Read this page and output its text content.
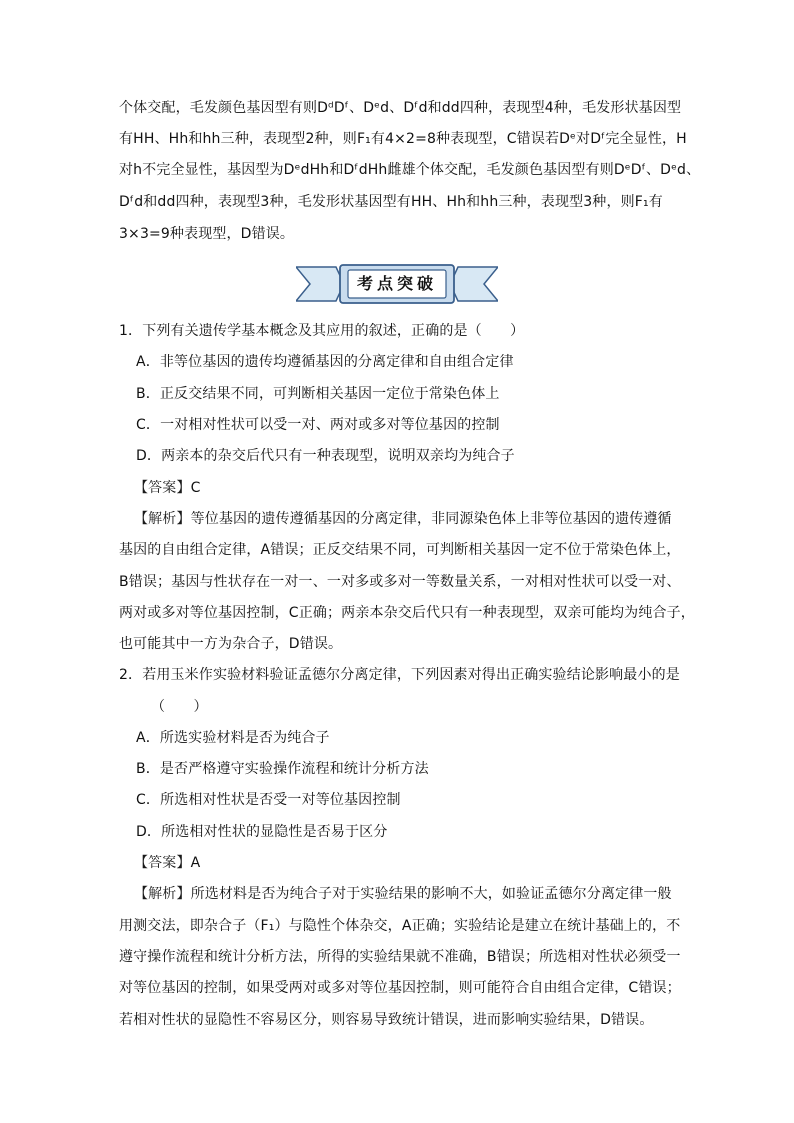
个体交配，毛发颜色基因型有则DᵈDᶠ、Dᵉd、Dᶠd和dd四种，表现型4种，毛发形状基因型
有HH、Hh和hh三种，表现型2种，则F₁有4×2=8种表现型，C错误若Dᵉ对Dᶠ完全显性，H
对h不完全显性，基因型为DᵉdHh和DᶠdHh雌雄个体交配，毛发颜色基因型有则DᵉDᶠ、Dᵉd、
Dᶠd和dd四种，表现型3种，毛发形状基因型有HH、Hh和hh三种，表现型3种，则F₁有
3×3=9种表现型，D错误。
考点突破
1．下列有关遗传学基本概念及其应用的叙述，正确的是（　　）
A．非等位基因的遗传均遵循基因的分离定律和自由组合定律
B．正反交结果不同，可判断相关基因一定位于常染色体上
C．一对相对性状可以受一对、两对或多对等位基因的控制
D．两亲本的杂交后代只有一种表现型，说明双亲均为纯合子
【答案】C
【解析】等位基因的遗传遵循基因的分离定律，非同源染色体上非等位基因的遗传遵循
基因的自由组合定律，A错误；正反交结果不同，可判断相关基因一定不位于常染色体上，
B错误；基因与性状存在一对一、一对多或多对一等数量关系，一对相对性状可以受一对、
两对或多对等位基因控制，C正确；两亲本杂交后代只有一种表现型，双亲可能均为纯合子，
也可能其中一方为杂合子，D错误。
2．若用玉米作实验材料验证孟德尔分离定律，下列因素对得出正确实验结论影响最小的是
（　　）
A．所选实验材料是否为纯合子
B．是否严格遵守实验操作流程和统计分析方法
C．所选相对性状是否受一对等位基因控制
D．所选相对性状的显隐性是否易于区分
【答案】A
【解析】所选材料是否为纯合子对于实验结果的影响不大，如验证孟德尔分离定律一般
用测交法，即杂合子（F₁）与隐性个体杂交，A正确；实验结论是建立在统计基础上的，不
遵守操作流程和统计分析方法，所得的实验结果就不准确，B错误；所选相对性状必须受一
对等位基因的控制，如果受两对或多对等位基因控制，则可能符合自由组合定律，C错误；
若相对性状的显隐性不容易区分，则容易导致统计错误，进而影响实验结果，D错误。
